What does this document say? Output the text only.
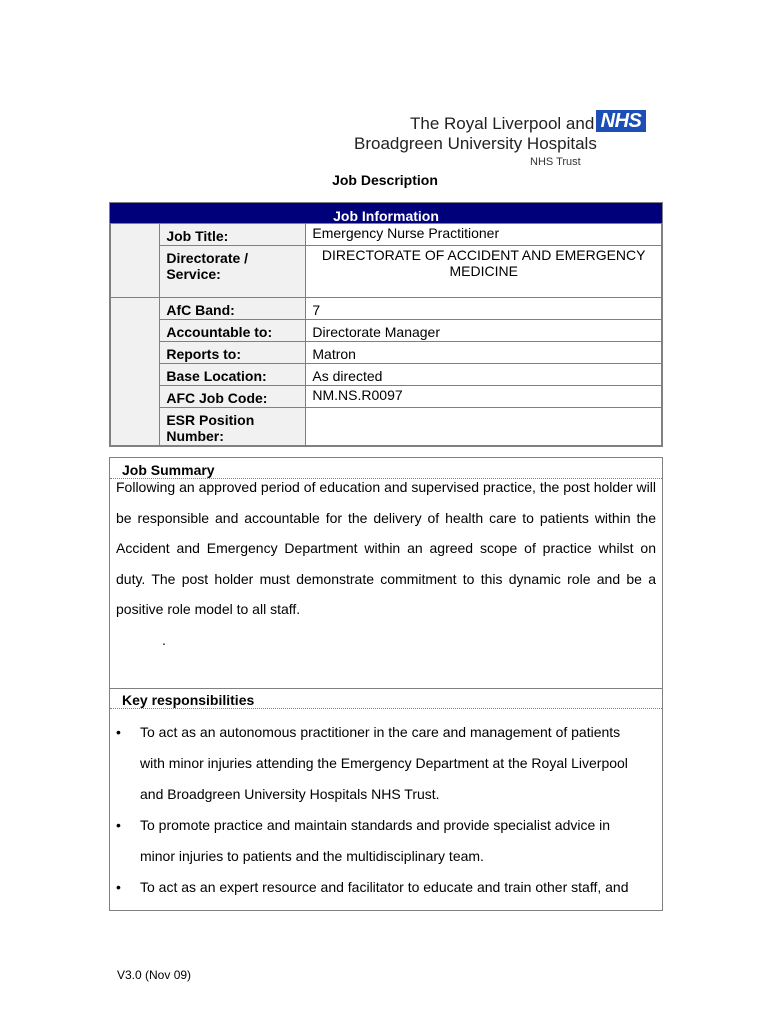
The Royal Liverpool and
Broadgreen University Hospitals
NHS Trust
NHS
Job Description
Job Information
	Job Title:	Emergency Nurse Practitioner
	Directorate / Service:	DIRECTORATE OF ACCIDENT AND EMERGENCY MEDICINE
	AfC Band:	7
	Accountable to:	Directorate Manager
	Reports to:	Matron
	Base Location:	As directed
	AFC Job Code:	NM.NS.R0097
	ESR Position Number:	
Job Summary
Following an approved period of education and supervised practice, the post holder will be responsible and accountable for the delivery of health care to patients within the Accident and Emergency Department within an agreed scope of practice whilst on duty. The post holder must demonstrate commitment to this dynamic role and be a positive role model to all staff.
.
Key responsibilities
• To act as an autonomous practitioner in the care and management of patients with minor injuries attending the Emergency Department at the Royal Liverpool and Broadgreen University Hospitals NHS Trust.
• To promote practice and maintain standards and provide specialist advice in minor injuries to patients and the multidisciplinary team.
• To act as an expert resource and facilitator to educate and train other staff, and
V3.0 (Nov 09)
